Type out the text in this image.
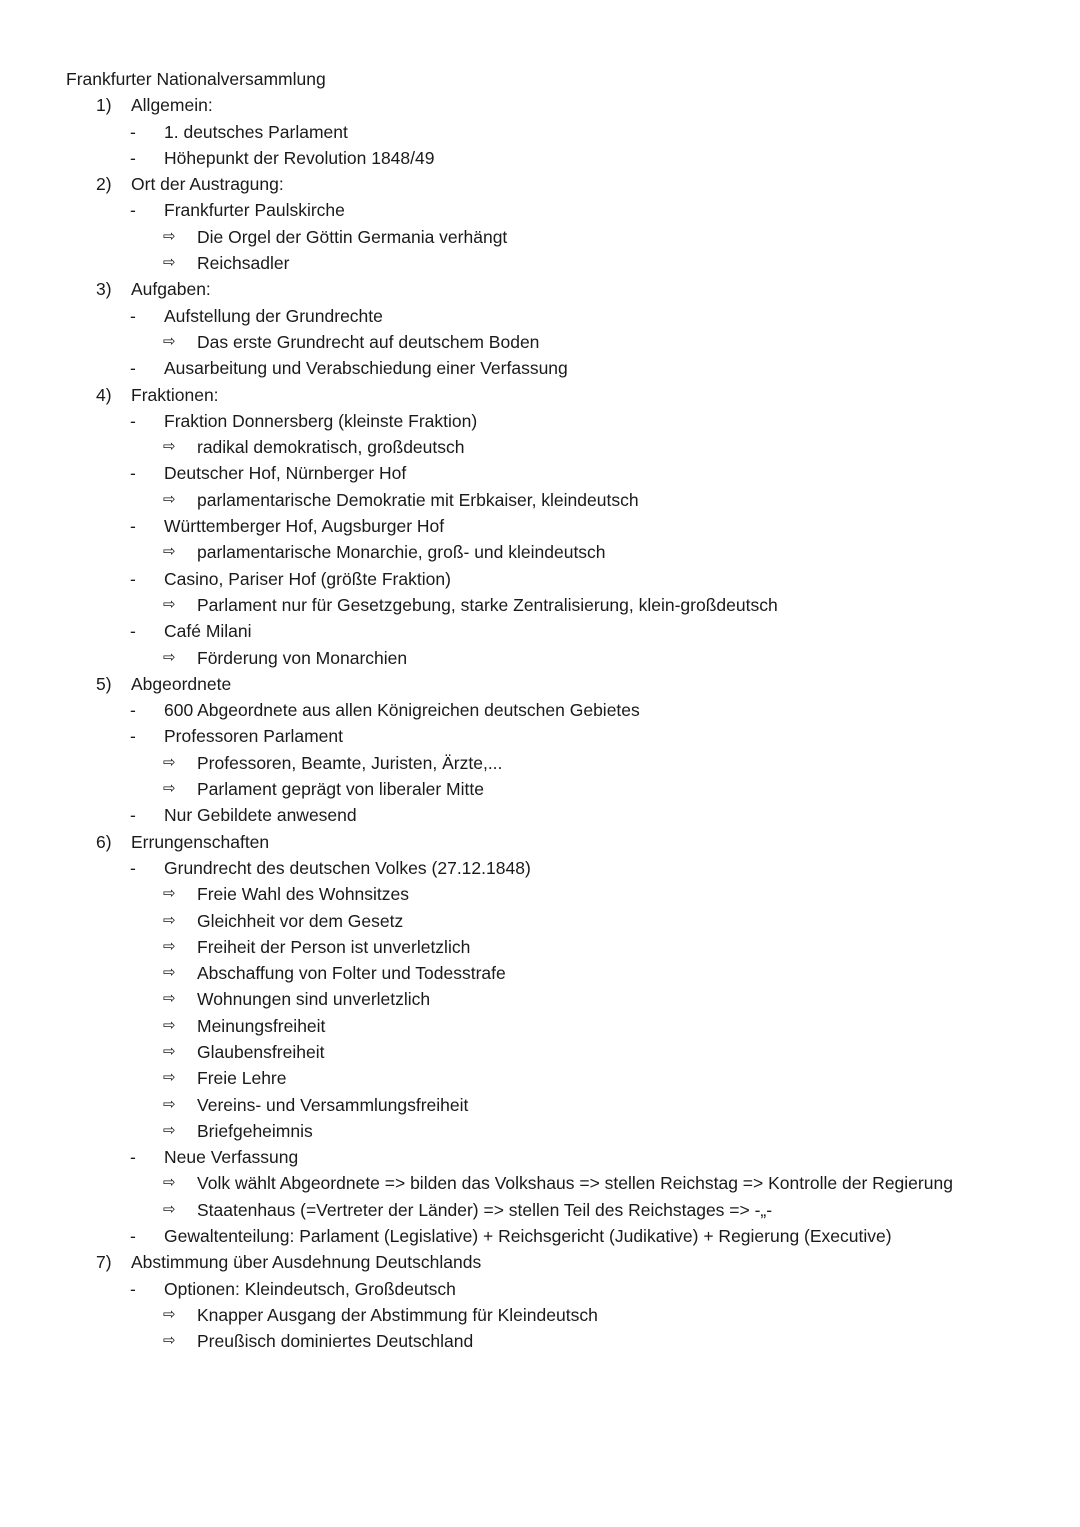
Frankfurter Nationalversammlung
1) Allgemein:
- 1. deutsches Parlament
- Höhepunkt der Revolution 1848/49
2) Ort der Austragung:
- Frankfurter Paulskirche
⇨ Die Orgel der Göttin Germania verhängt
⇨ Reichsadler
3) Aufgaben:
- Aufstellung der Grundrechte
⇨ Das erste Grundrecht auf deutschem Boden
- Ausarbeitung und Verabschiedung einer Verfassung
4) Fraktionen:
- Fraktion Donnersberg (kleinste Fraktion)
⇨ radikal demokratisch, großdeutsch
- Deutscher Hof, Nürnberger Hof
⇨ parlamentarische Demokratie mit Erbkaiser, kleindeutsch
- Württemberger Hof, Augsburger Hof
⇨ parlamentarische Monarchie, groß- und kleindeutsch
- Casino, Pariser Hof (größte Fraktion)
⇨ Parlament nur für Gesetzgebung, starke Zentralisierung, klein-großdeutsch
- Café Milani
⇨ Förderung von Monarchien
5) Abgeordnete
- 600 Abgeordnete aus allen Königreichen deutschen Gebietes
- Professoren Parlament
⇨ Professoren, Beamte, Juristen, Ärzte,...
⇨ Parlament geprägt von liberaler Mitte
- Nur Gebildete anwesend
6) Errungenschaften
- Grundrecht des deutschen Volkes (27.12.1848)
⇨ Freie Wahl des Wohnsitzes
⇨ Gleichheit vor dem Gesetz
⇨ Freiheit der Person ist unverletzlich
⇨ Abschaffung von Folter und Todesstrafe
⇨ Wohnungen sind unverletzlich
⇨ Meinungsfreiheit
⇨ Glaubensfreiheit
⇨ Freie Lehre
⇨ Vereins- und Versammlungsfreiheit
⇨ Briefgeheimnis
- Neue Verfassung
⇨ Volk wählt Abgeordnete => bilden das Volkshaus => stellen Reichstag => Kontrolle der Regierung
⇨ Staatenhaus (=Vertreter der Länder) => stellen Teil des Reichstages => -„-
- Gewaltenteilung: Parlament (Legislative) + Reichsgericht (Judikative) + Regierung (Executive)
7) Abstimmung über Ausdehnung Deutschlands
- Optionen: Kleindeutsch, Großdeutsch
⇨ Knapper Ausgang der Abstimmung für Kleindeutsch
⇨ Preußisch dominiertes Deutschland
